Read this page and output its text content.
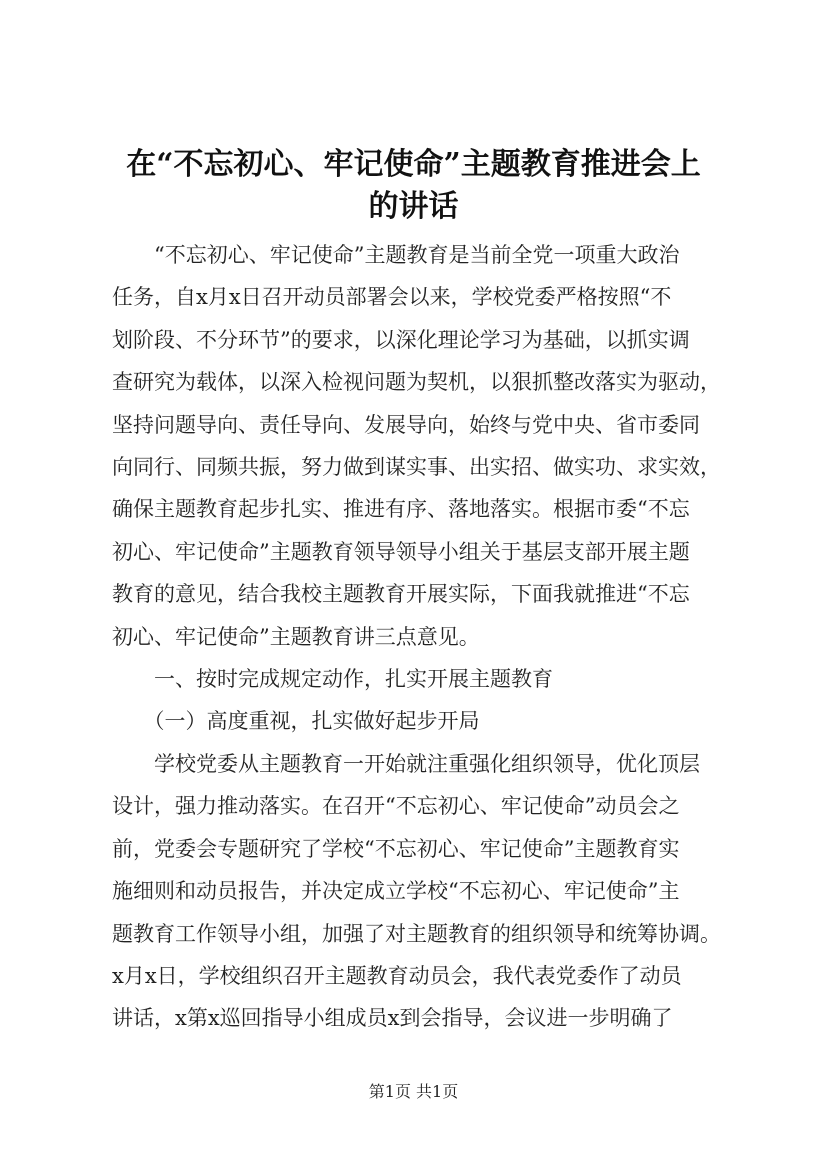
在“不忘初心、牢记使命”主题教育推进会上
的讲话
　　“不忘初心、牢记使命”主题教育是当前全党一项重大政治
任务，自x月x日召开动员部署会以来，学校党委严格按照“不
划阶段、不分环节”的要求，以深化理论学习为基础，以抓实调
查研究为载体，以深入检视问题为契机，以狠抓整改落实为驱动，
坚持问题导向、责任导向、发展导向，始终与党中央、省市委同
向同行、同频共振，努力做到谋实事、出实招、做实功、求实效，
确保主题教育起步扎实、推进有序、落地落实。根据市委“不忘
初心、牢记使命”主题教育领导领导小组关于基层支部开展主题
教育的意见，结合我校主题教育开展实际，下面我就推进“不忘
初心、牢记使命”主题教育讲三点意见。
　　一、按时完成规定动作，扎实开展主题教育
　　（一）高度重视，扎实做好起步开局
　　学校党委从主题教育一开始就注重强化组织领导，优化顶层
设计，强力推动落实。在召开“不忘初心、牢记使命”动员会之
前，党委会专题研究了学校“不忘初心、牢记使命”主题教育实
施细则和动员报告，并决定成立学校“不忘初心、牢记使命”主
题教育工作领导小组，加强了对主题教育的组织领导和统筹协调。
x月x日，学校组织召开主题教育动员会，我代表党委作了动员
讲话，x第x巡回指导小组成员x到会指导，会议进一步明确了
第1页 共1页
